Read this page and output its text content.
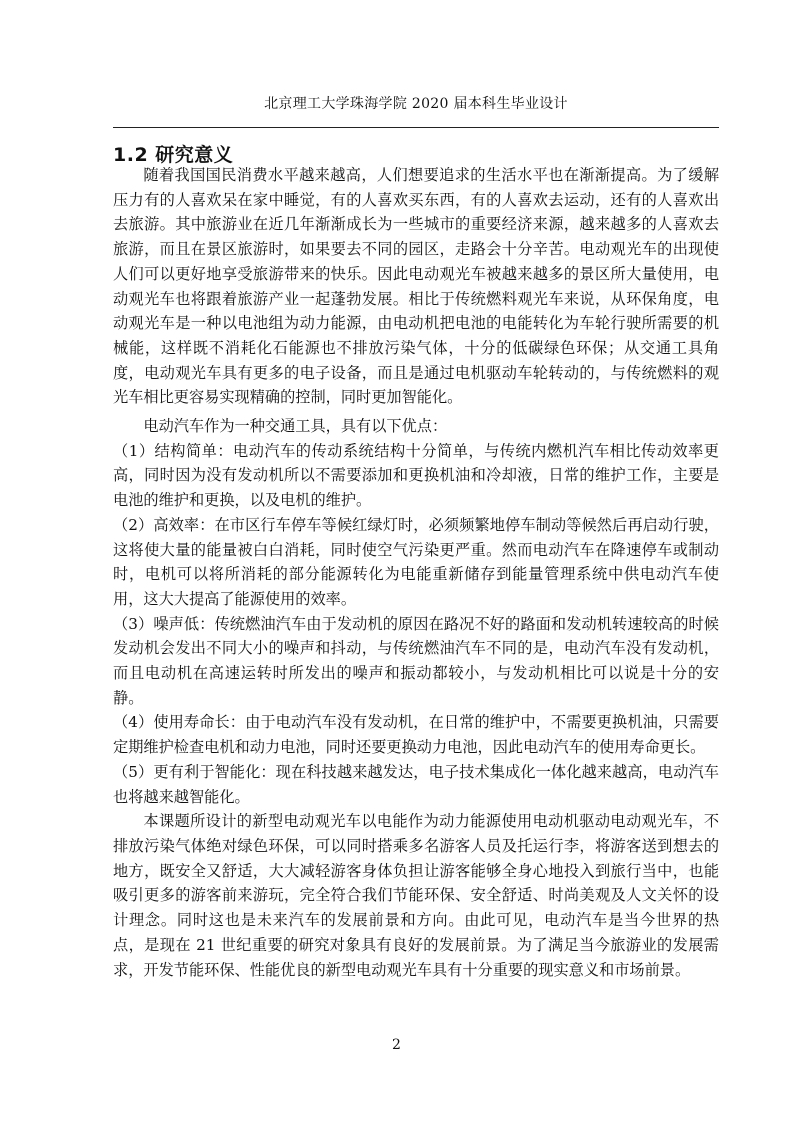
北京理工大学珠海学院 2020 届本科生毕业设计
1.2 研究意义

随着我国国民消费水平越来越高，人们想要追求的生活水平也在渐渐提高。为了缓解压力有的人喜欢呆在家中睡觉，有的人喜欢买东西，有的人喜欢去运动，还有的人喜欢出去旅游。其中旅游业在近几年渐渐成长为一些城市的重要经济来源，越来越多的人喜欢去旅游，而且在景区旅游时，如果要去不同的园区，走路会十分辛苦。电动观光车的出现使人们可以更好地享受旅游带来的快乐。因此电动观光车被越来越多的景区所大量使用，电动观光车也将跟着旅游产业一起蓬勃发展。相比于传统燃料观光车来说，从环保角度，电动观光车是一种以电池组为动力能源，由电动机把电池的电能转化为车轮行驶所需要的机械能，这样既不消耗化石能源也不排放污染气体，十分的低碳绿色环保；从交通工具角度，电动观光车具有更多的电子设备，而且是通过电机驱动车轮转动的，与传统燃料的观光车相比更容易实现精确的控制，同时更加智能化。

电动汽车作为一种交通工具，具有以下优点：

（1）结构简单：电动汽车的传动系统结构十分简单，与传统内燃机汽车相比传动效率更高，同时因为没有发动机所以不需要添加和更换机油和冷却液，日常的维护工作，主要是电池的维护和更换，以及电机的维护。

（2）高效率：在市区行车停车等候红绿灯时，必须频繁地停车制动等候然后再启动行驶，这将使大量的能量被白白消耗，同时使空气污染更严重。然而电动汽车在降速停车或制动时，电机可以将所消耗的部分能源转化为电能重新储存到能量管理系统中供电动汽车使用，这大大提高了能源使用的效率。

（3）噪声低：传统燃油汽车由于发动机的原因在路况不好的路面和发动机转速较高的时候发动机会发出不同大小的噪声和抖动，与传统燃油汽车不同的是，电动汽车没有发动机，而且电动机在高速运转时所发出的噪声和振动都较小，与发动机相比可以说是十分的安静。

（4）使用寿命长：由于电动汽车没有发动机，在日常的维护中，不需要更换机油，只需要定期维护检查电机和动力电池，同时还要更换动力电池，因此电动汽车的使用寿命更长。

（5）更有利于智能化：现在科技越来越发达，电子技术集成化一体化越来越高，电动汽车也将越来越智能化。

本课题所设计的新型电动观光车以电能作为动力能源使用电动机驱动电动观光车，不排放污染气体绝对绿色环保，可以同时搭乘多名游客人员及托运行李，将游客送到想去的地方，既安全又舒适，大大减轻游客身体负担让游客能够全身心地投入到旅行当中，也能吸引更多的游客前来游玩，完全符合我们节能环保、安全舒适、时尚美观及人文关怀的设计理念。同时这也是未来汽车的发展前景和方向。由此可见，电动汽车是当今世界的热点，是现在 21 世纪重要的研究对象具有良好的发展前景。为了满足当今旅游业的发展需求，开发节能环保、性能优良的新型电动观光车具有十分重要的现实意义和市场前景。

2
